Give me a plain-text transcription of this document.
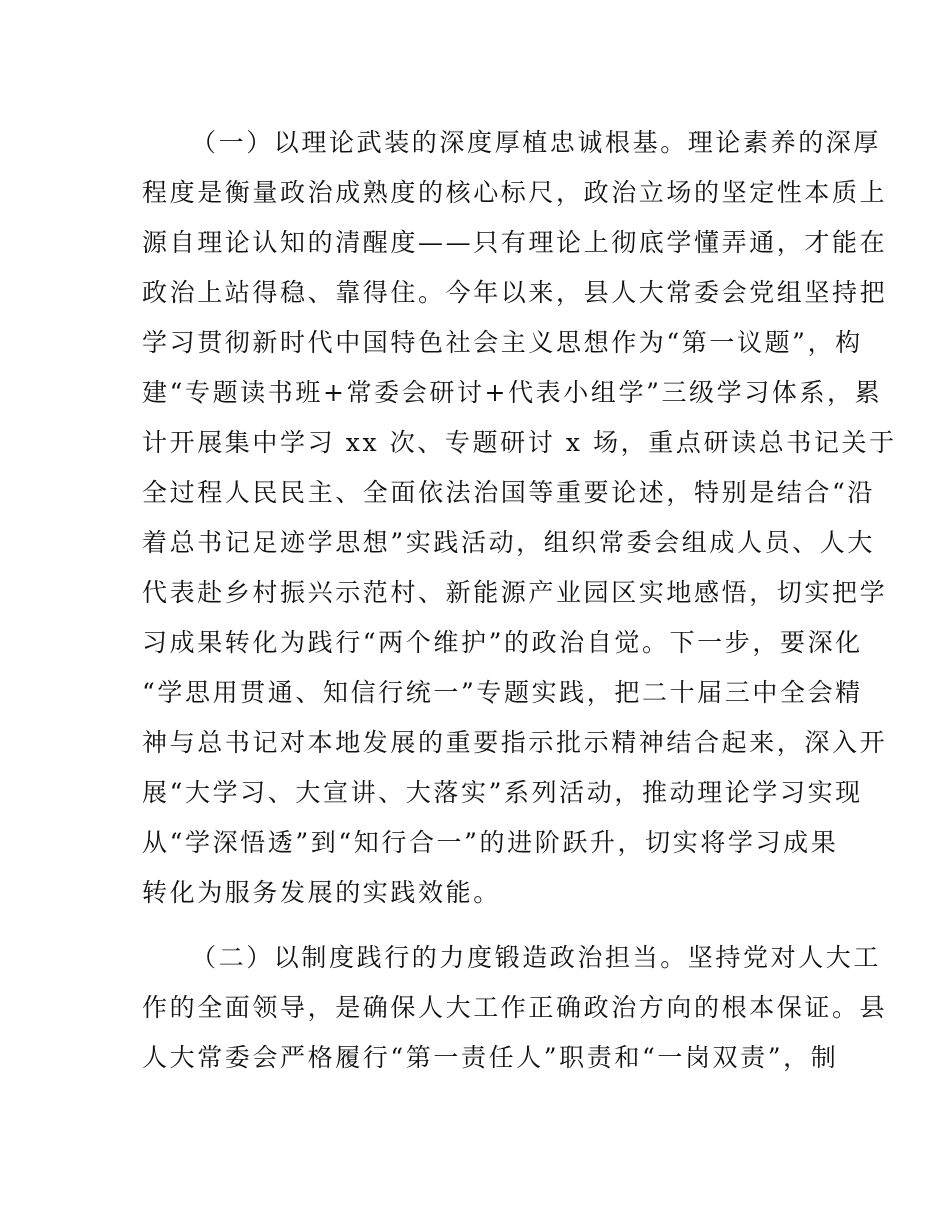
（一）以理论武装的深度厚植忠诚根基。理论素养的深厚
程度是衡量政治成熟度的核心标尺，政治立场的坚定性本质上
源自理论认知的清醒度——只有理论上彻底学懂弄通，才能在
政治上站得稳、靠得住。今年以来，县人大常委会党组坚持把
学习贯彻新时代中国特色社会主义思想作为“第一议题”，构
建“专题读书班+常委会研讨+代表小组学”三级学习体系，累
计开展集中学习 xx 次、专题研讨 x 场，重点研读总书记关于
全过程人民民主、全面依法治国等重要论述，特别是结合“沿
着总书记足迹学思想”实践活动，组织常委会组成人员、人大
代表赴乡村振兴示范村、新能源产业园区实地感悟，切实把学
习成果转化为践行“两个维护”的政治自觉。下一步，要深化
“学思用贯通、知信行统一”专题实践，把二十届三中全会精
神与总书记对本地发展的重要指示批示精神结合起来，深入开
展“大学习、大宣讲、大落实”系列活动，推动理论学习实现
从“学深悟透”到“知行合一”的进阶跃升，切实将学习成果
转化为服务发展的实践效能。
（二）以制度践行的力度锻造政治担当。坚持党对人大工
作的全面领导，是确保人大工作正确政治方向的根本保证。县
人大常委会严格履行“第一责任人”职责和“一岗双责”，制
